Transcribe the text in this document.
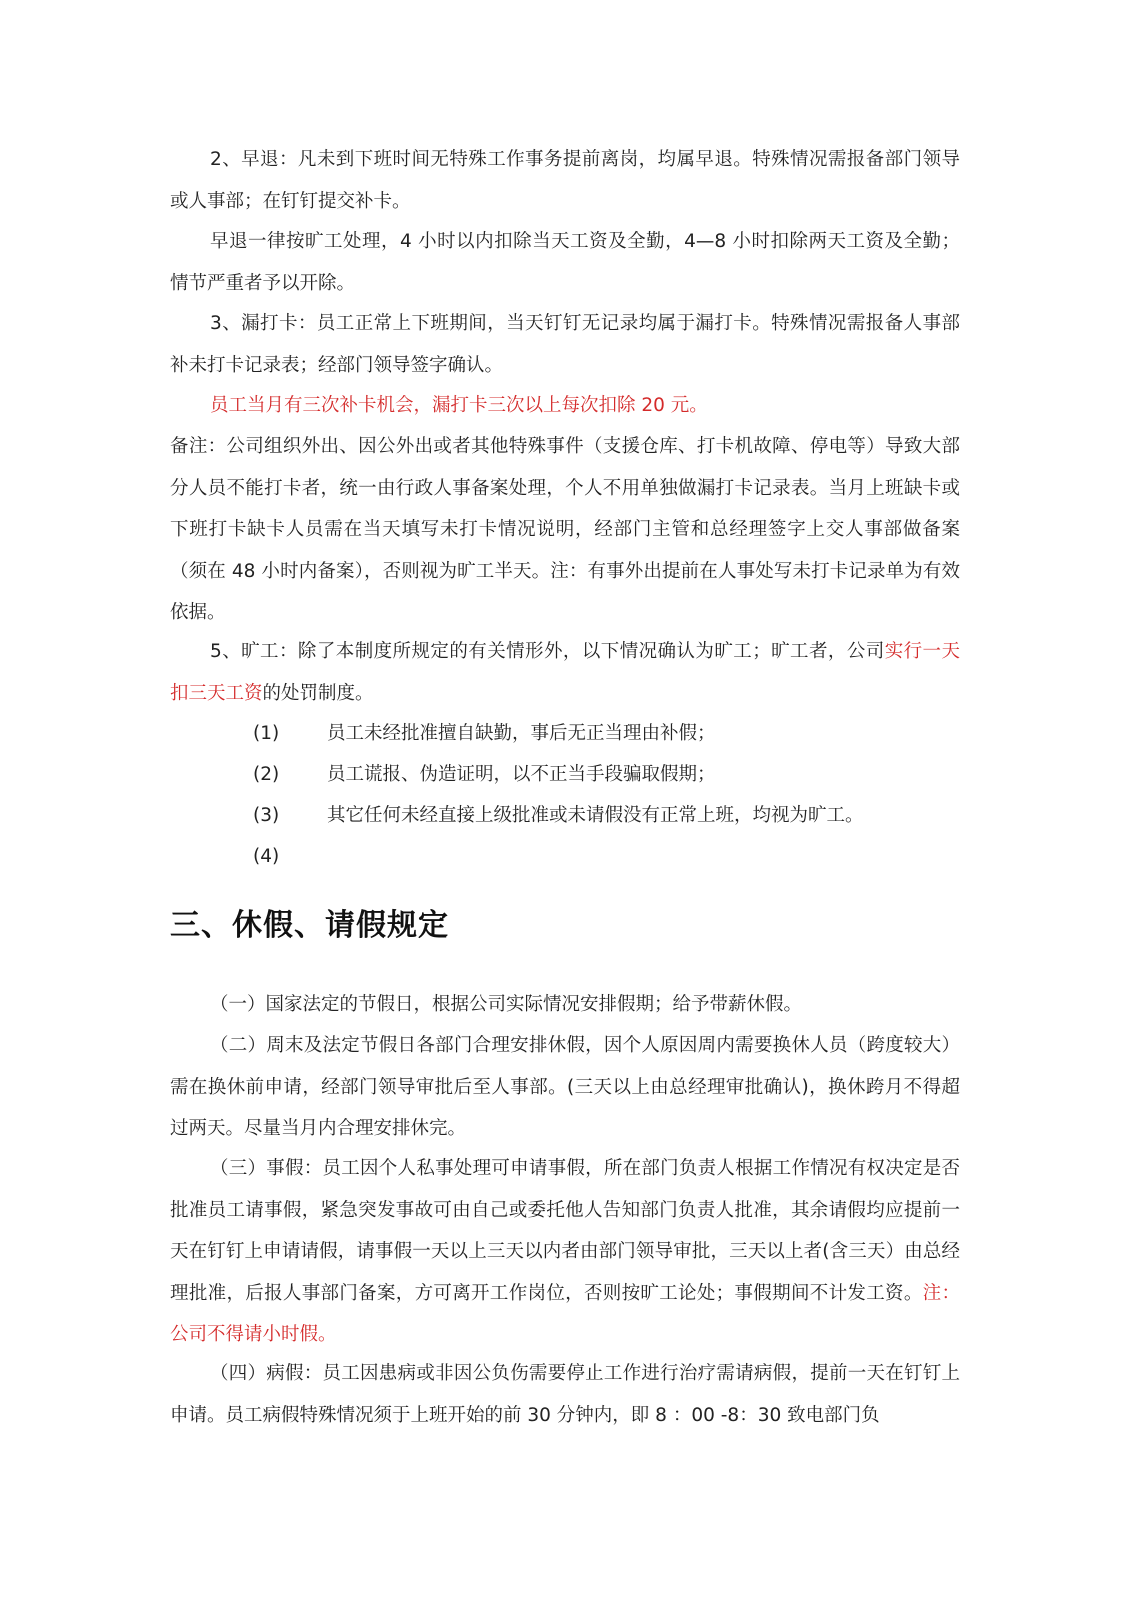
2、早退：凡未到下班时间无特殊工作事务提前离岗，均属早退。特殊情况需报备部门领导或人事部；在钉钉提交补卡。

早退一律按旷工处理，4 小时以内扣除当天工资及全勤，4—8 小时扣除两天工资及全勤；情节严重者予以开除。

3、漏打卡：员工正常上下班期间，当天钉钉无记录均属于漏打卡。特殊情况需报备人事部补未打卡记录表；经部门领导签字确认。

员工当月有三次补卡机会，漏打卡三次以上每次扣除 20 元。

备注：公司组织外出、因公外出或者其他特殊事件（支援仓库、打卡机故障、停电等）导致大部分人员不能打卡者，统一由行政人事备案处理，个人不用单独做漏打卡记录表。当月上班缺卡或下班打卡缺卡人员需在当天填写未打卡情况说明，经部门主管和总经理签字上交人事部做备案（须在 48 小时内备案），否则视为旷工半天。注：有事外出提前在人事处写未打卡记录单为有效依据。

5、旷工：除了本制度所规定的有关情形外，以下情况确认为旷工；旷工者，公司实行一天扣三天工资的处罚制度。

(1)	员工未经批准擅自缺勤，事后无正当理由补假；
(2)	员工谎报、伪造证明，以不正当手段骗取假期；
(3)	其它任何未经直接上级批准或未请假没有正常上班，均视为旷工。
(4)
三、休假、请假规定

（一）国家法定的节假日，根据公司实际情况安排假期；给予带薪休假。

（二）周末及法定节假日各部门合理安排休假，因个人原因周内需要换休人员（跨度较大）需在换休前申请，经部门领导审批后至人事部。(三天以上由总经理审批确认)，换休跨月不得超过两天。尽量当月内合理安排休完。

（三）事假：员工因个人私事处理可申请事假，所在部门负责人根据工作情况有权决定是否批准员工请事假，紧急突发事故可由自己或委托他人告知部门负责人批准，其余请假均应提前一天在钉钉上申请请假，请事假一天以上三天以内者由部门领导审批，三天以上者(含三天）由总经理批准，后报人事部门备案，方可离开工作岗位，否则按旷工论处；事假期间不计发工资。注：公司不得请小时假。

（四）病假：员工因患病或非因公负伤需要停止工作进行治疗需请病假，提前一天在钉钉上申请。员工病假特殊情况须于上班开始的前 30 分钟内，即 8 ：00 -8：30 致电部门负
